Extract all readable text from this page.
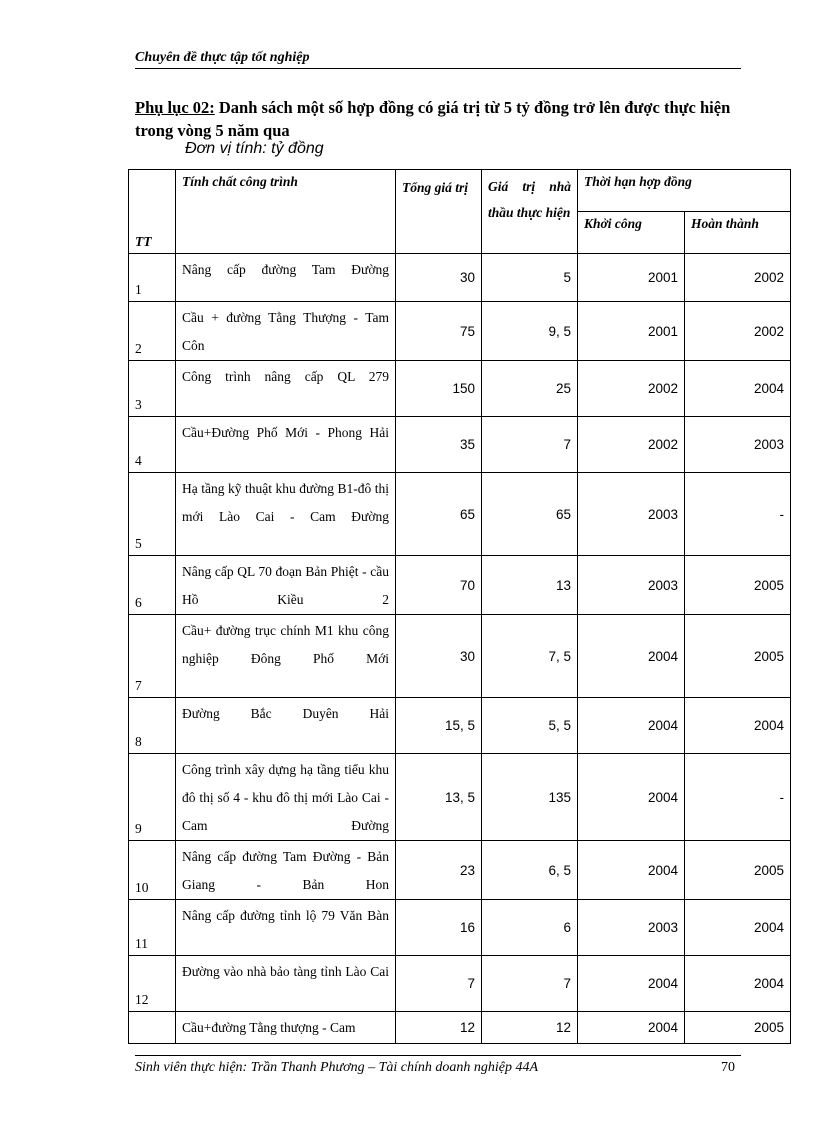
Chuyên đề thực tập tốt nghiệp
Phụ lục 02: Danh sách một số hợp đồng có giá trị từ 5 tỷ đồng trở lên được thực hiện trong vòng 5 năm qua
Đơn vị tính: tỷ đồng
TT	Tính chất công trình	Tổng giá trị	Giá trị nhà thầu thực hiện	Thời hạn hợp đồng	
				Khởi công	Hoàn thành
1	Nâng cấp đường Tam Đường	30	5	2001	2002
2	Cầu + đường Tằng Thượng - Tam Côn	75	9, 5	2001	2002
3	Công trình nâng cấp QL 279	150	25	2002	2004
4	Cầu+Đường Phố Mới - Phong Hải	35	7	2002	2003
5	Hạ tầng kỹ thuật khu đường B1-đô thị mới Lào Cai - Cam Đường	65	65	2003	-
6	Nâng cấp QL 70 đoạn Bản Phiệt - cầu Hồ Kiều 2	70	13	2003	2005
7	Cầu+ đường trục chính M1 khu công nghiệp Đông Phố Mới	30	7, 5	2004	2005
8	Đường Bắc Duyên Hải	15, 5	5, 5	2004	2004
9	Công trình xây dựng hạ tầng tiểu khu đô thị số 4 - khu đô thị mới Lào Cai - Cam Đường	13, 5	135	2004	-
10	Nâng cấp đường Tam Đường - Bản Giang - Bản Hon	23	6, 5	2004	2005
11	Nâng cấp đường tỉnh lộ 79 Văn Bàn	16	6	2003	2004
12	Đường vào nhà bảo tàng tỉnh Lào Cai	7	7	2004	2004
	Cầu+đường Tằng thượng - Cam	12	12	2004	2005
Sinh viên thực hiện: Trần Thanh Phương – Tài chính doanh nghiệp 44A	70
